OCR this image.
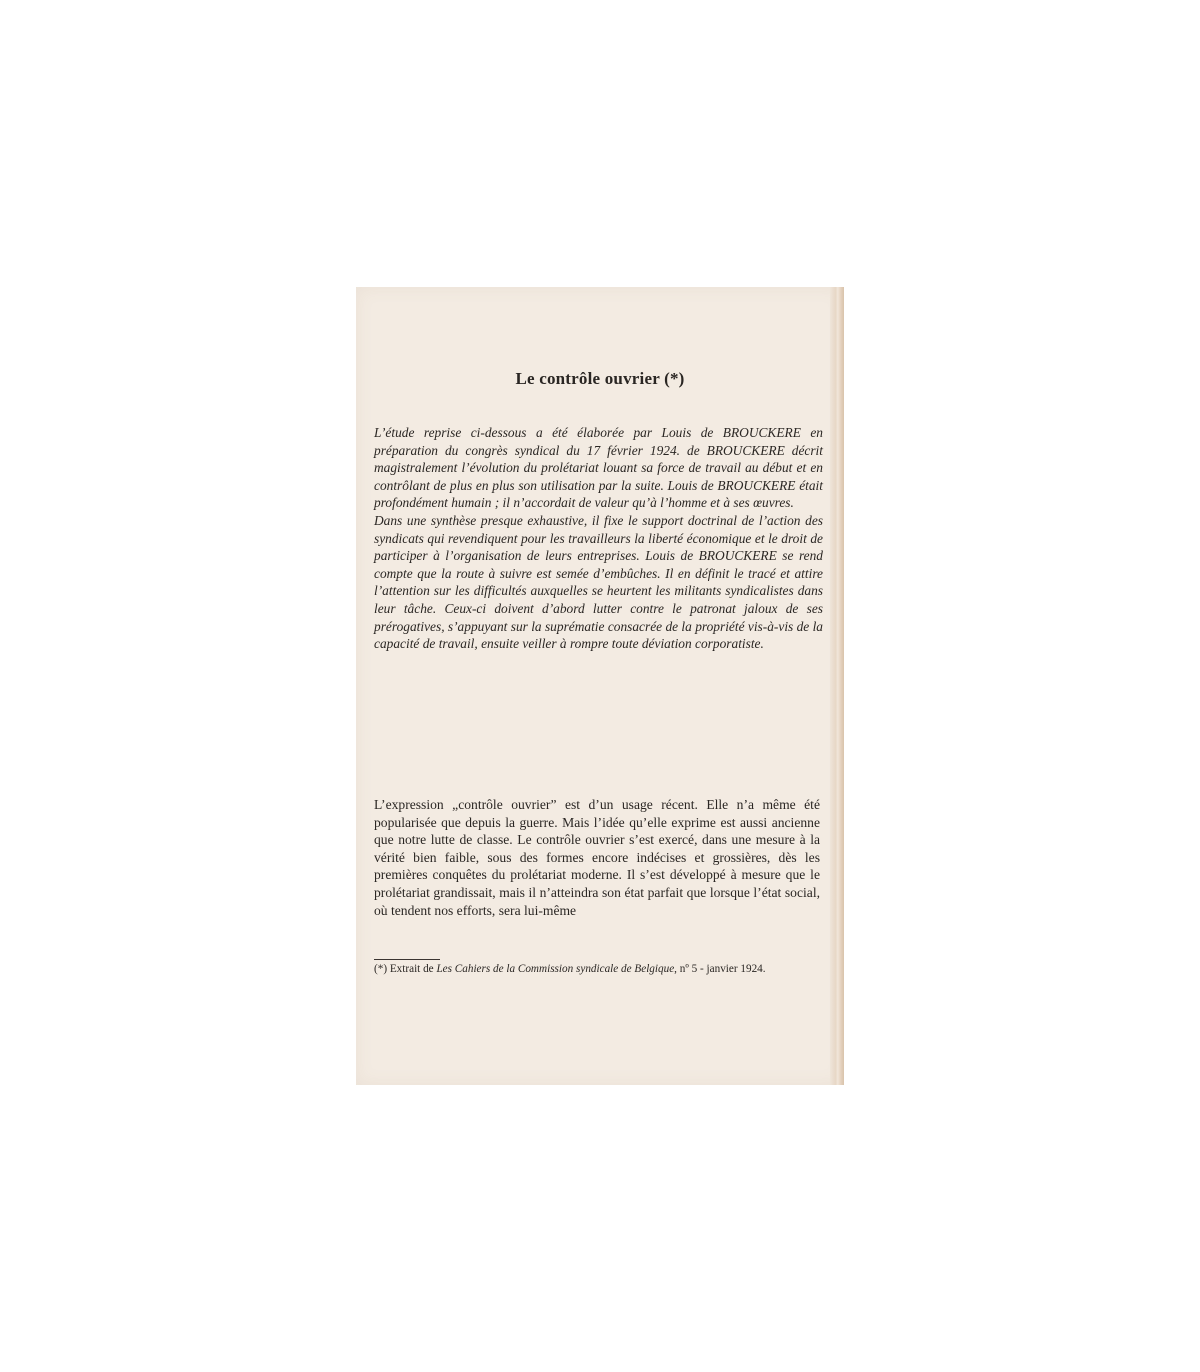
Le contrôle ouvrier (*)

L’étude reprise ci-dessous a été élaborée par Louis de BROUCKERE en préparation du congrès syndical du 17 février 1924. de BROUCKERE décrit magistralement l’évolution du prolétariat louant sa force de travail au début et en contrôlant de plus en plus son utilisation par la suite. Louis de BROUCKERE était profondément humain ; il n’accordait de valeur qu’à l’homme et à ses œuvres.

Dans une synthèse presque exhaustive, il fixe le support doctrinal de l’action des syndicats qui revendiquent pour les travailleurs la liberté économique et le droit de participer à l’organisation de leurs entreprises. Louis de BROUCKERE se rend compte que la route à suivre est semée d’embûches. Il en définit le tracé et attire l’attention sur les difficultés auxquelles se heurtent les militants syndicalistes dans leur tâche. Ceux-ci doivent d’abord lutter contre le patronat jaloux de ses prérogatives, s’appuyant sur la suprématie consacrée de la propriété vis-à-vis de la capacité de travail, ensuite veiller à rompre toute déviation corporatiste.

L’expression „contrôle ouvrier” est d’un usage récent. Elle n’a même été popularisée que depuis la guerre. Mais l’idée qu’elle exprime est aussi ancienne que notre lutte de classe. Le contrôle ouvrier s’est exercé, dans une mesure à la vérité bien faible, sous des formes encore indécises et grossières, dès les premières conquêtes du prolétariat moderne. Il s’est développé à mesure que le prolétariat grandissait, mais il n’atteindra son état parfait que lorsque l’état social, où tendent nos efforts, sera lui-même

(*) Extrait de Les Cahiers de la Commission syndicale de Belgique, nº 5 - janvier 1924.
